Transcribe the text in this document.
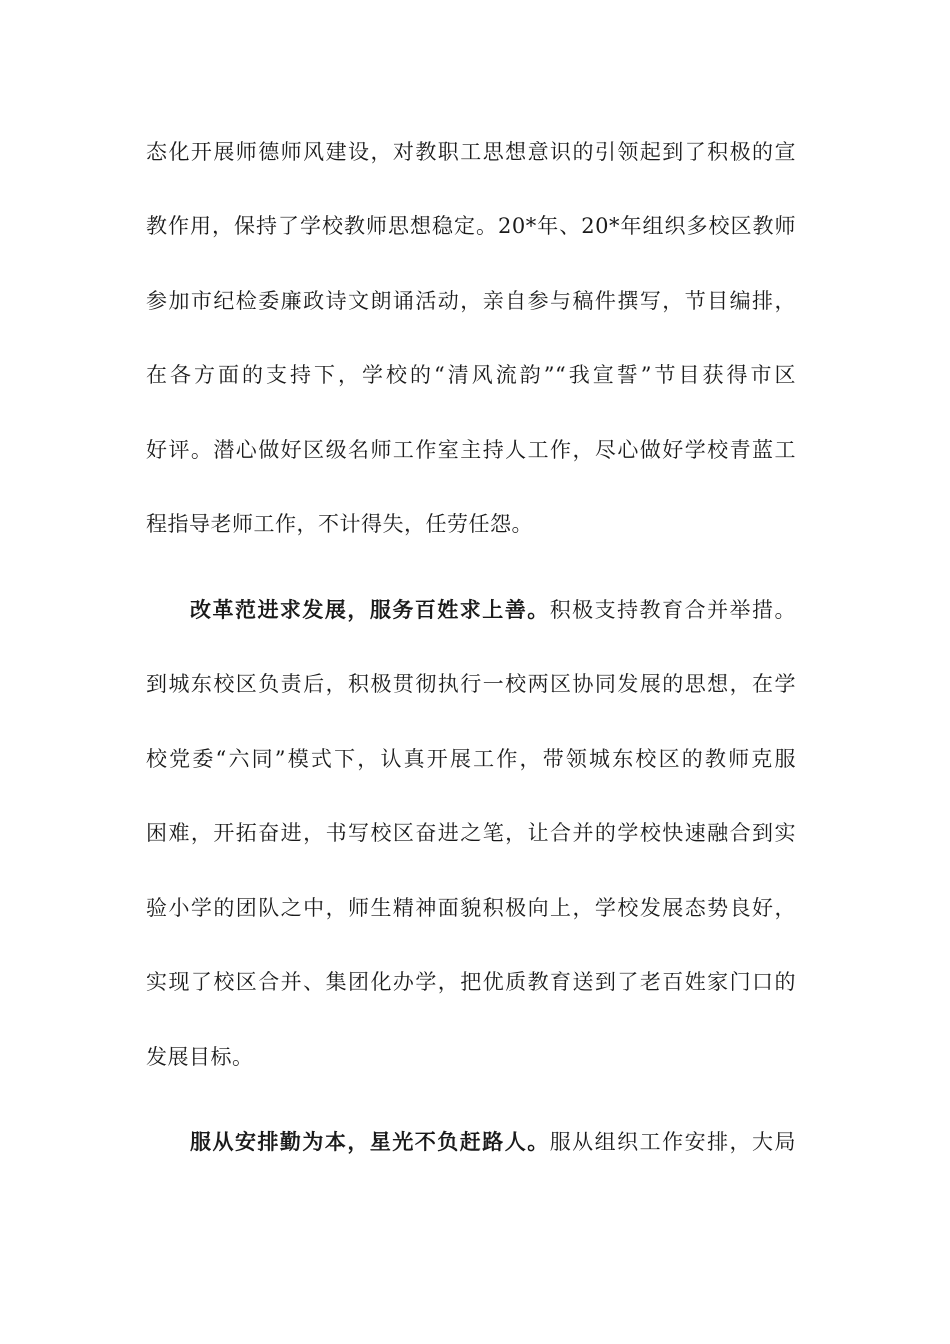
态化开展师德师风建设，对教职工思想意识的引领起到了积极的宣
教作用，保持了学校教师思想稳定。20*年、20*年组织多校区教师
参加市纪检委廉政诗文朗诵活动，亲自参与稿件撰写，节目编排，
在各方面的支持下，学校的“清风流韵”“我宣誓”节目获得市区
好评。潜心做好区级名师工作室主持人工作，尽心做好学校青蓝工
程指导老师工作，不计得失，任劳任怨。
改革范进求发展，服务百姓求上善。积极支持教育合并举措。
到城东校区负责后，积极贯彻执行一校两区协同发展的思想，在学
校党委“六同”模式下，认真开展工作，带领城东校区的教师克服
困难，开拓奋进，书写校区奋进之笔，让合并的学校快速融合到实
验小学的团队之中，师生精神面貌积极向上，学校发展态势良好，
实现了校区合并、集团化办学，把优质教育送到了老百姓家门口的
发展目标。
服从安排勤为本，星光不负赶路人。服从组织工作安排，大局
